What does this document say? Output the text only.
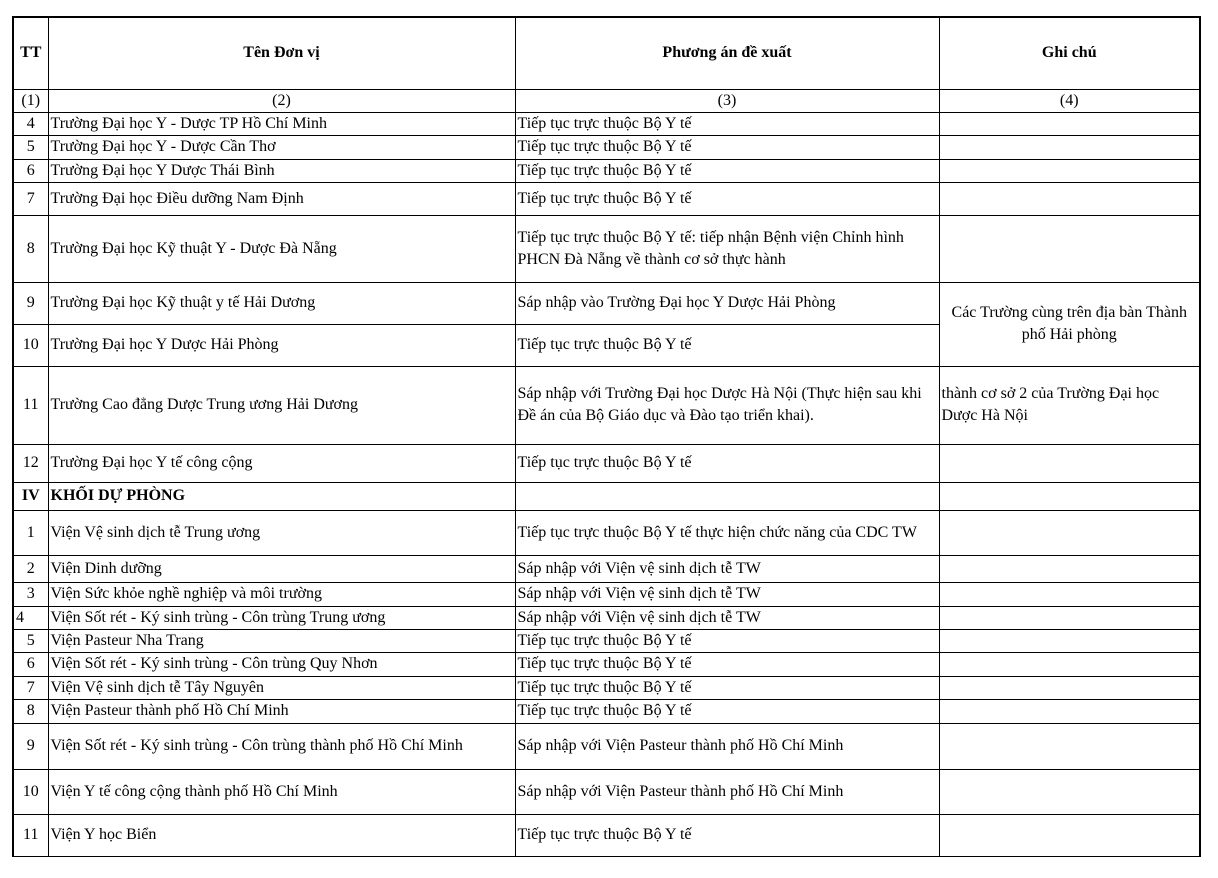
TT	Tên Đơn vị	Phương án đề xuất	Ghi chú
(1)	(2)	(3)	(4)
4	Trường Đại học Y - Dược TP Hồ Chí Minh	Tiếp tục trực thuộc Bộ Y tế	
5	Trường Đại học Y - Dược Cần Thơ	Tiếp tục trực thuộc Bộ Y tế	
6	Trường Đại học Y Dược Thái Bình	Tiếp tục trực thuộc Bộ Y tế	
7	Trường Đại học Điều dưỡng Nam Định	Tiếp tục trực thuộc Bộ Y tế	
8	Trường Đại học Kỹ thuật Y - Dược Đà Nẵng	Tiếp tục trực thuộc Bộ Y tế: tiếp nhận Bệnh viện Chỉnh hình PHCN Đà Nẵng về thành cơ sở thực hành	
9	Trường Đại học Kỹ thuật y tế Hải Dương	Sáp nhập vào Trường Đại học Y Dược Hải Phòng	Các Trường cùng trên địa bàn Thành phố Hải phòng
10	Trường Đại học Y Dược Hải Phòng	Tiếp tục trực thuộc Bộ Y tế	
11	Trường Cao đẳng Dược Trung ương Hải Dương	Sáp nhập với Trường Đại học Dược Hà Nội (Thực hiện sau khi Đề án của Bộ Giáo dục và Đào tạo triển khai).	thành cơ sở 2 của Trường Đại học Dược Hà Nội
12	Trường Đại học Y tế công cộng	Tiếp tục trực thuộc Bộ Y tế	
IV	KHỐI DỰ PHÒNG		
1	Viện Vệ sinh dịch tễ Trung ương	Tiếp tục trực thuộc Bộ Y tế thực hiện chức năng của CDC TW	
2	Viện Dinh dưỡng	Sáp nhập với Viện vệ sinh dịch tễ TW	
3	Viện Sức khỏe nghề nghiệp và môi trường	Sáp nhập với Viện vệ sinh dịch tễ TW	
4	Viện Sốt rét - Ký sinh trùng - Côn trùng Trung ương	Sáp nhập với Viện vệ sinh dịch tễ TW	
5	Viện Pasteur Nha Trang	Tiếp tục trực thuộc Bộ Y tế	
6	Viện Sốt rét - Ký sinh trùng - Côn trùng Quy Nhơn	Tiếp tục trực thuộc Bộ Y tế	
7	Viện Vệ sinh dịch tễ Tây Nguyên	Tiếp tục trực thuộc Bộ Y tế	
8	Viện Pasteur thành phố Hồ Chí Minh	Tiếp tục trực thuộc Bộ Y tế	
9	Viện Sốt rét - Ký sinh trùng - Côn trùng thành phố Hồ Chí Minh	Sáp nhập với Viện Pasteur thành phố Hồ Chí Minh	
10	Viện Y tế công cộng thành phố Hồ Chí Minh	Sáp nhập với Viện Pasteur thành phố Hồ Chí Minh	
11	Viện Y học Biển	Tiếp tục trực thuộc Bộ Y tế	
